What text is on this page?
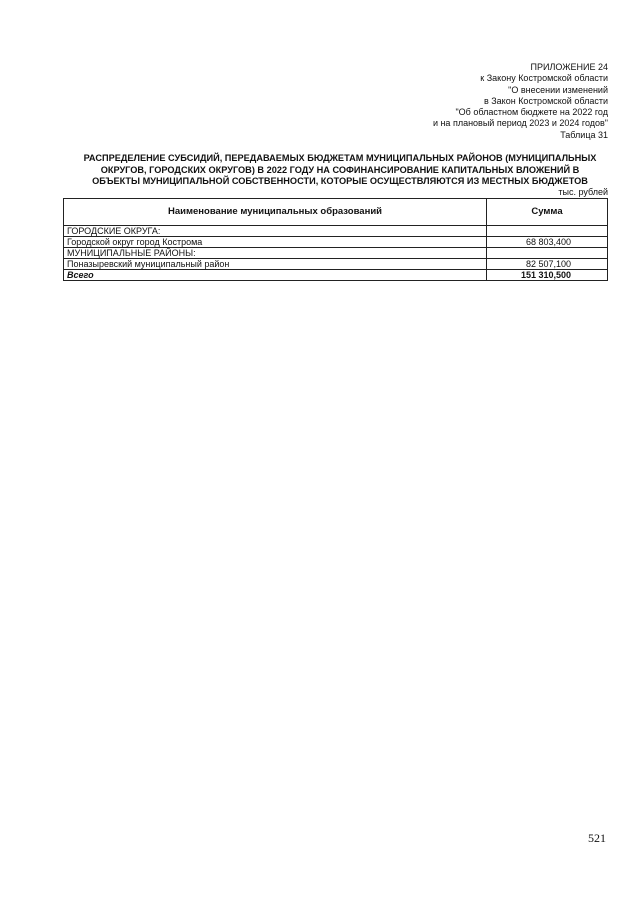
ПРИЛОЖЕНИЕ 24
к Закону Костромской области
"О внесении изменений
в Закон Костромской области
"Об областном бюджете на 2022 год
и на плановый период 2023 и 2024 годов"
Таблица 31
РАСПРЕДЕЛЕНИЕ СУБСИДИЙ, ПЕРЕДАВАЕМЫХ БЮДЖЕТАМ МУНИЦИПАЛЬНЫХ РАЙОНОВ (МУНИЦИПАЛЬНЫХ
ОКРУГОВ, ГОРОДСКИХ ОКРУГОВ) В 2022 ГОДУ НА СОФИНАНСИРОВАНИЕ КАПИТАЛЬНЫХ ВЛОЖЕНИЙ В
ОБЪЕКТЫ МУНИЦИПАЛЬНОЙ СОБСТВЕННОСТИ, КОТОРЫЕ ОСУЩЕСТВЛЯЮТСЯ ИЗ МЕСТНЫХ БЮДЖЕТОВ
тыс. рублей
Наименование муниципальных образований	Сумма
ГОРОДСКИЕ ОКРУГА:	
Городской округ город Кострома	68 803,400
МУНИЦИПАЛЬНЫЕ РАЙОНЫ:	
Поназыревский муниципальный район	82 507,100
Всего	151 310,500
521
